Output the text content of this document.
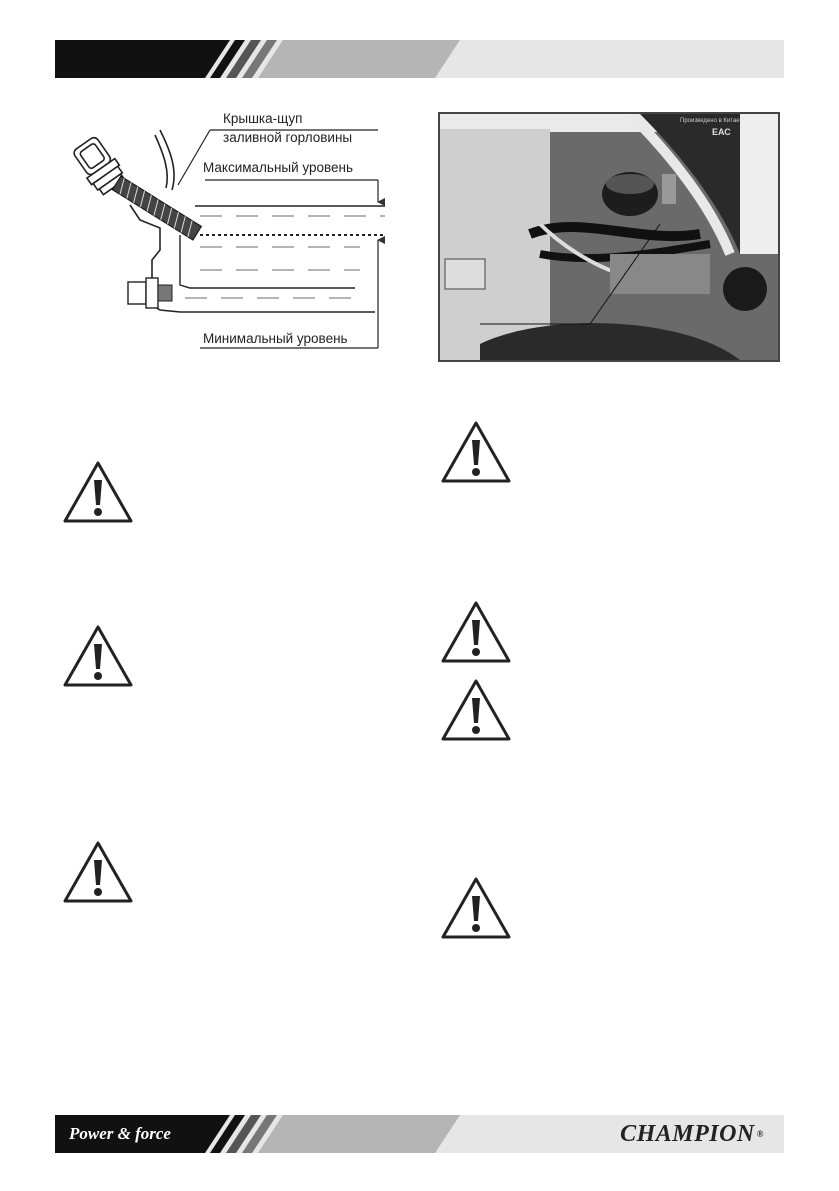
Крышка-щуп
заливной горловины
Максимальный уровень
Минимальный уровень
Произведено в Китае
ЕАС
Power & force	CHAMPION ®
